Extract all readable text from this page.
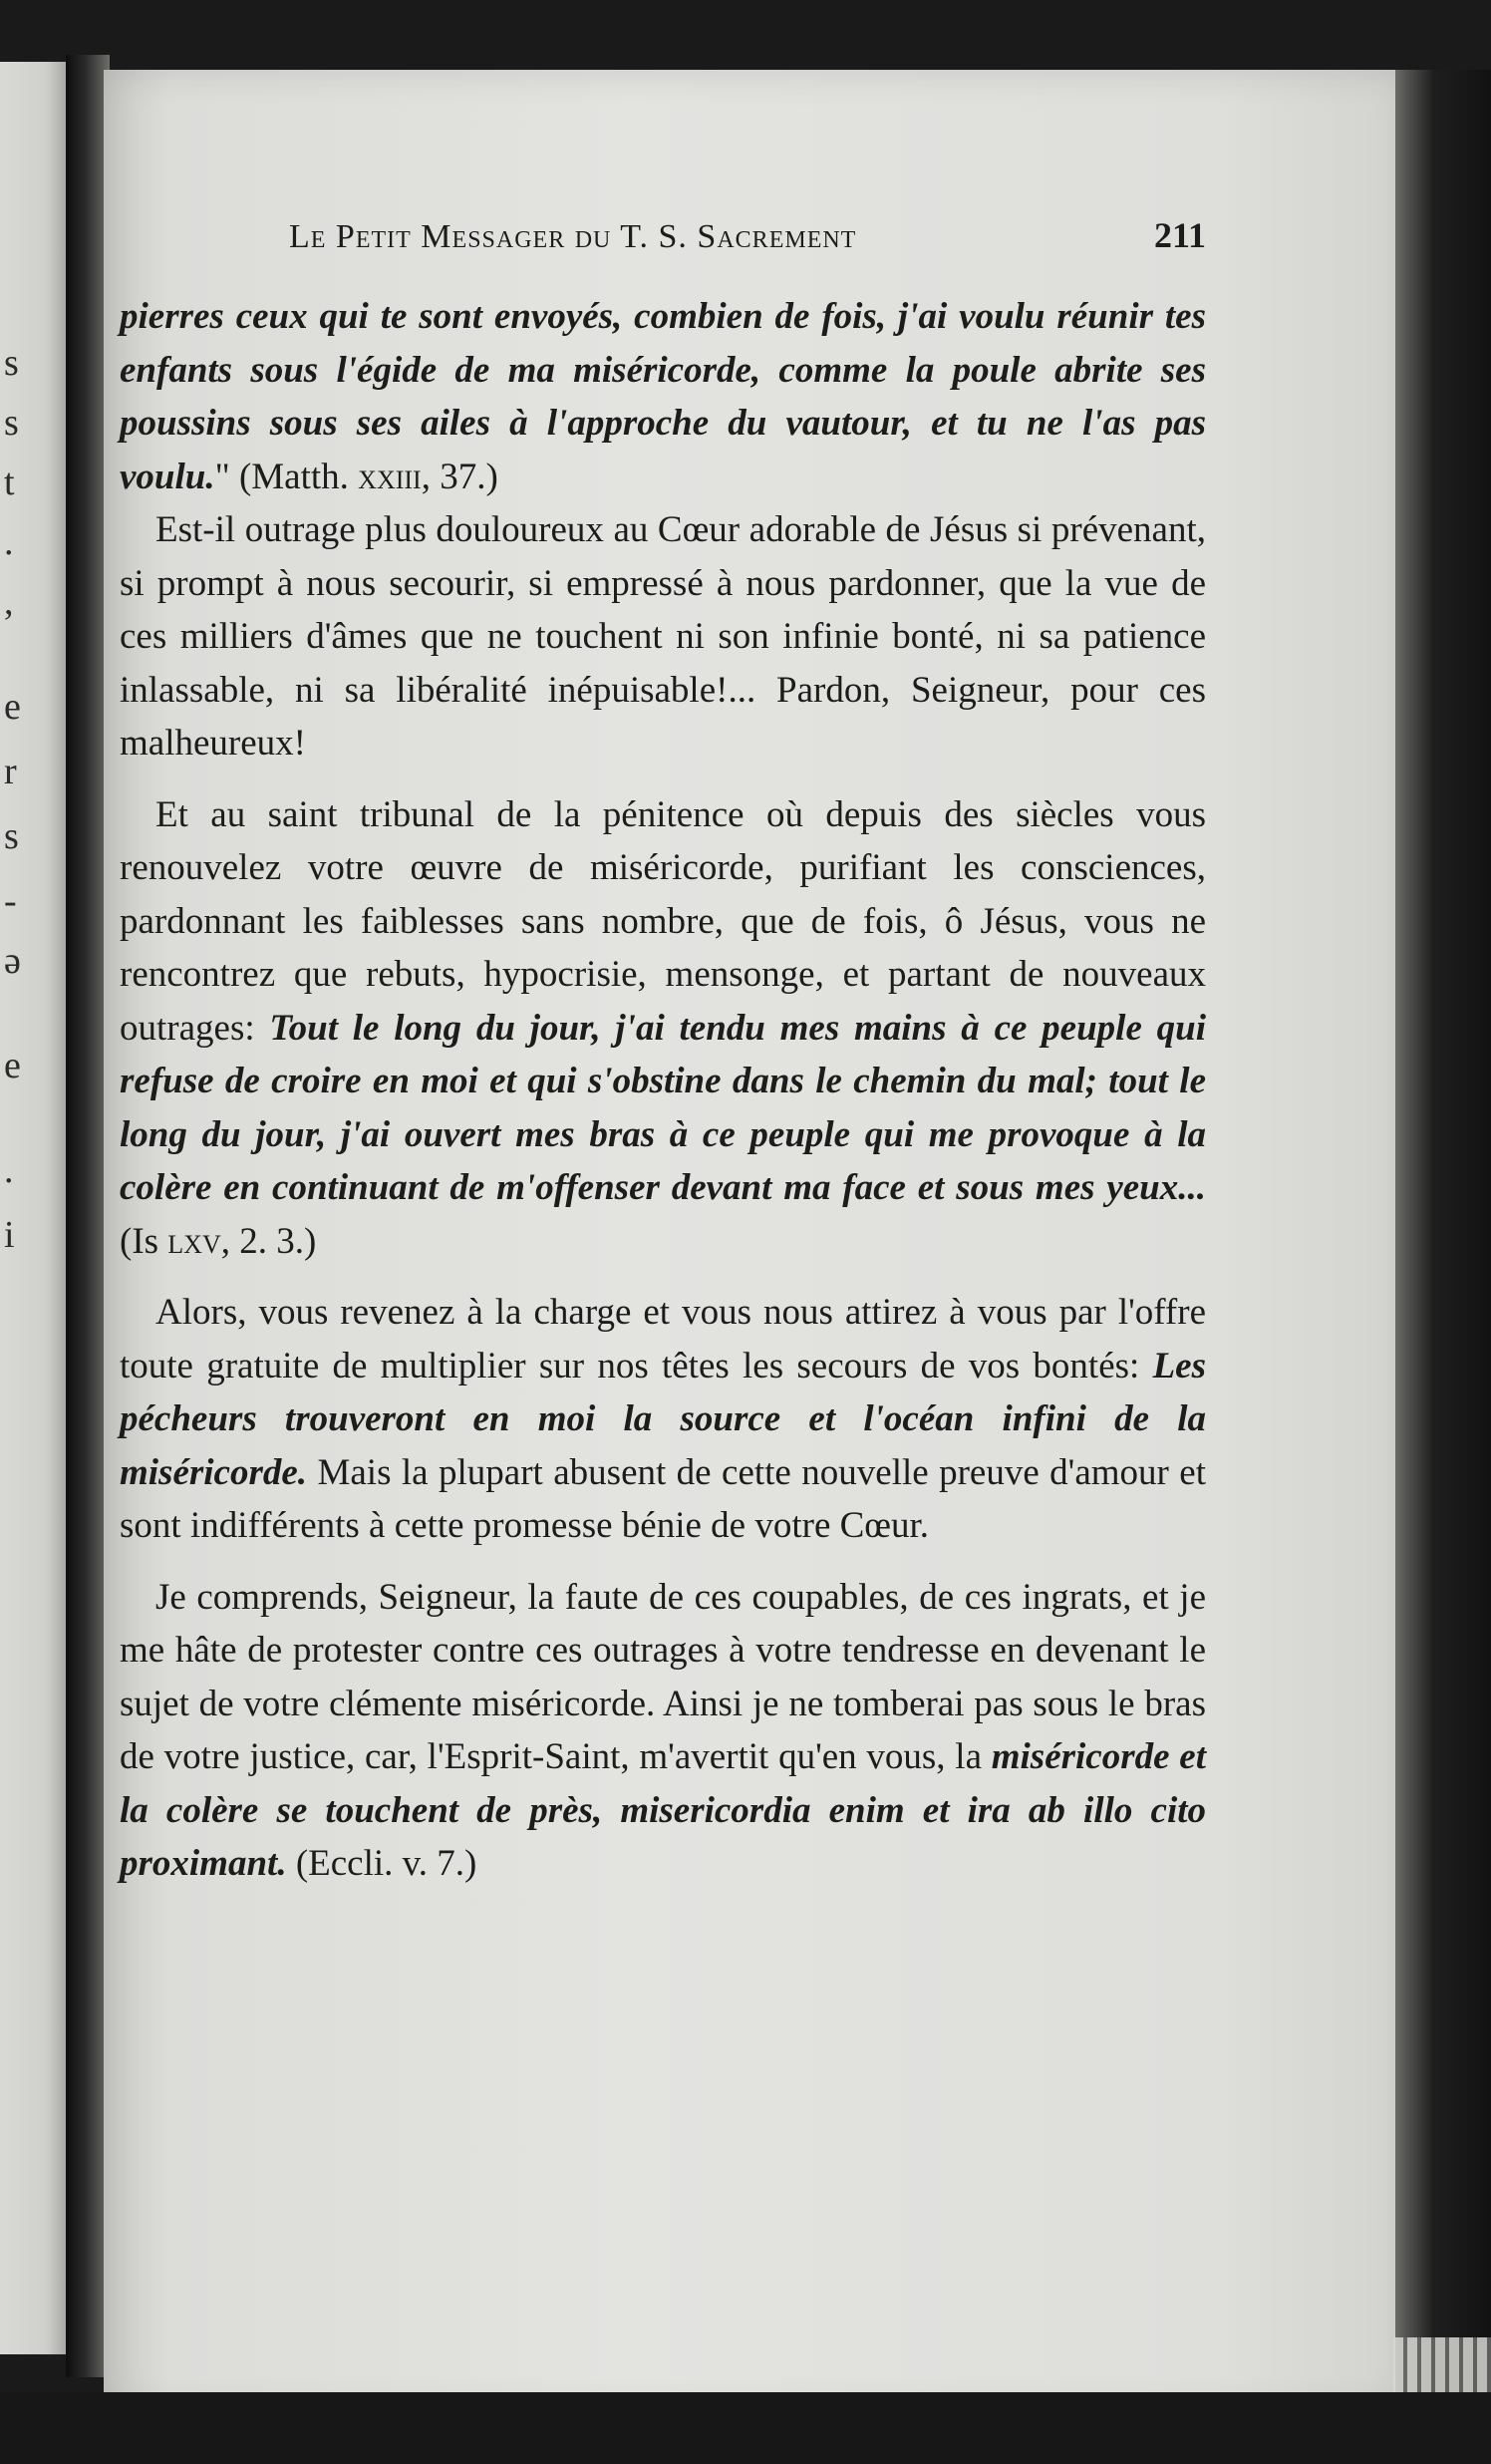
s
s
t
.
,
e
r
s
-
ǝ
e
.
i
Le Petit Messager du T. S. Sacrement	211

pierres ceux qui te sont envoyés, combien de fois, j'ai voulu réunir tes enfants sous l'égide de ma miséricorde, comme la poule abrite ses poussins sous ses ailes à l'approche du vautour, et tu ne l'as pas voulu." (Matth. xxiii, 37.)

Est-il outrage plus douloureux au Cœur adorable de Jésus si prévenant, si prompt à nous secourir, si empressé à nous pardonner, que la vue de ces milliers d'âmes que ne touchent ni son infinie bonté, ni sa patience inlassable, ni sa libéralité inépuisable!... Pardon, Seigneur, pour ces malheureux!

Et au saint tribunal de la pénitence où depuis des siècles vous renouvelez votre œuvre de miséricorde, purifiant les consciences, pardonnant les faiblesses sans nombre, que de fois, ô Jésus, vous ne rencontrez que rebuts, hypocrisie, mensonge, et partant de nouveaux outrages: Tout le long du jour, j'ai tendu mes mains à ce peuple qui refuse de croire en moi et qui s'obstine dans le chemin du mal; tout le long du jour, j'ai ouvert mes bras à ce peuple qui me provoque à la colère en continuant de m'offenser devant ma face et sous mes yeux... (Is lxv, 2. 3.)

Alors, vous revenez à la charge et vous nous attirez à vous par l'offre toute gratuite de multiplier sur nos têtes les secours de vos bontés: Les pécheurs trouveront en moi la source et l'océan infini de la miséricorde. Mais la plupart abusent de cette nouvelle preuve d'amour et sont indifférents à cette promesse bénie de votre Cœur.

Je comprends, Seigneur, la faute de ces coupables, de ces ingrats, et je me hâte de protester contre ces outrages à votre tendresse en devenant le sujet de votre clémente miséricorde. Ainsi je ne tomberai pas sous le bras de votre justice, car, l'Esprit-Saint, m'avertit qu'en vous, la miséricorde et la colère se touchent de près, misericordia enim et ira ab illo cito proximant. (Eccli. v. 7.)
